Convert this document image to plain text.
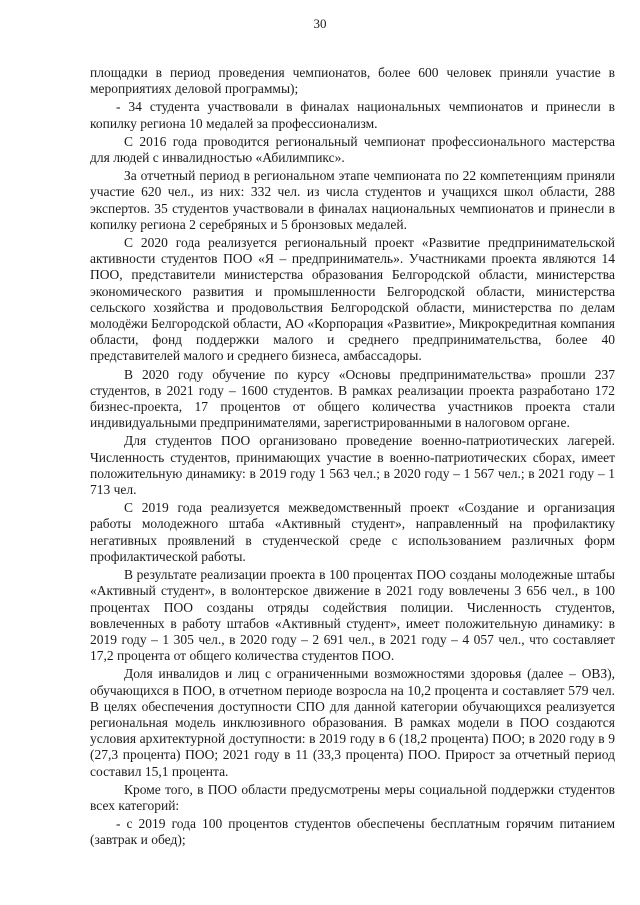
30

площадки в период проведения чемпионатов, более 600 человек приняли участие в мероприятиях деловой программы);

- 34 студента участвовали в финалах национальных чемпионатов и принесли в копилку региона 10 медалей за профессионализм.

С 2016 года проводится региональный чемпионат профессионального мастерства для людей с инвалидностью «Абилимпикс».

За отчетный период в региональном этапе чемпионата по 22 компетенциям приняли участие 620 чел., из них: 332 чел. из числа студентов и учащихся школ области, 288 экспертов. 35 студентов участвовали в финалах национальных чемпионатов и принесли в копилку региона 2 серебряных и 5 бронзовых медалей.

С 2020 года реализуется региональный проект «Развитие предпринимательской активности студентов ПОО «Я – предприниматель». Участниками проекта являются 14 ПОО, представители министерства образования Белгородской области, министерства экономического развития и промышленности Белгородской области, министерства сельского хозяйства и продовольствия Белгородской области, министерства по делам молодёжи Белгородской области, АО «Корпорация «Развитие», Микрокредитная компания области, фонд поддержки малого и среднего предпринимательства, более 40 представителей малого и среднего бизнеса, амбассадоры.

В 2020 году обучение по курсу «Основы предпринимательства» прошли 237 студентов, в 2021 году – 1600 студентов. В рамках реализации проекта разработано 172 бизнес-проекта, 17 процентов от общего количества участников проекта стали индивидуальными предпринимателями, зарегистрированными в налоговом органе.

Для студентов ПОО организовано проведение военно-патриотических лагерей. Численность студентов, принимающих участие в военно-патриотических сборах, имеет положительную динамику: в 2019 году 1 563 чел.; в 2020 году – 1 567 чел.; в 2021 году – 1 713 чел.

С 2019 года реализуется межведомственный проект «Создание и организация работы молодежного штаба «Активный студент», направленный на профилактику негативных проявлений в студенческой среде с использованием различных форм профилактической работы.

В результате реализации проекта в 100 процентах ПОО созданы молодежные штабы «Активный студент», в волонтерское движение в 2021 году вовлечены 3 656 чел., в 100 процентах ПОО созданы отряды содействия полиции. Численность студентов, вовлеченных в работу штабов «Активный студент», имеет положительную динамику: в 2019 году – 1 305 чел., в 2020 году – 2 691 чел., в 2021 году – 4 057 чел., что составляет 17,2 процента от общего количества студентов ПОО.

Доля инвалидов и лиц с ограниченными возможностями здоровья (далее – ОВЗ), обучающихся в ПОО, в отчетном периоде возросла на 10,2 процента и составляет 579 чел. В целях обеспечения доступности СПО для данной категории обучающихся реализуется региональная модель инклюзивного образования. В рамках модели в ПОО создаются условия архитектурной доступности: в 2019 году в 6 (18,2 процента) ПОО; в 2020 году в 9 (27,3 процента) ПОО; 2021 году в 11 (33,3 процента) ПОО. Прирост за отчетный период составил 15,1 процента.

Кроме того, в ПОО области предусмотрены меры социальной поддержки студентов всех категорий:

- с 2019 года 100 процентов студентов обеспечены бесплатным горячим питанием (завтрак и обед);
